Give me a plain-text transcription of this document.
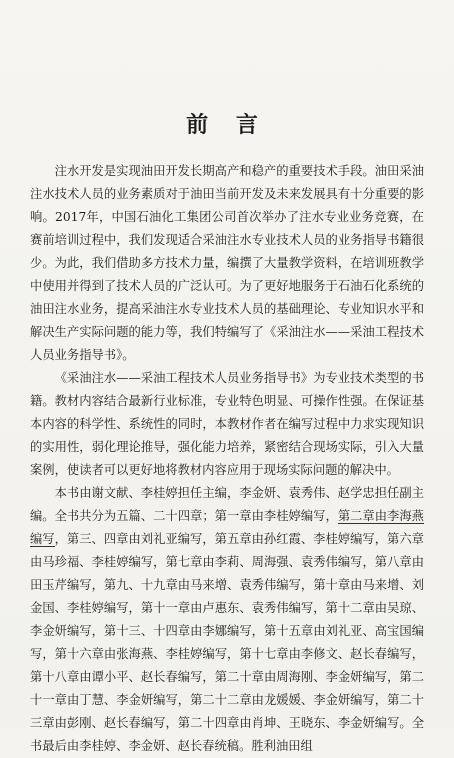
前 言

注水开发是实现油田开发长期高产和稳产的重要技术手段。油田采油注水技术人员的业务素质对于油田当前开发及未来发展具有十分重要的影响。2017年，中国石油化工集团公司首次举办了注水专业业务竞赛，在赛前培训过程中，我们发现适合采油注水专业技术人员的业务指导书籍很少。为此，我们借助多方技术力量，编撰了大量教学资料，在培训班教学中使用并得到了技术人员的广泛认可。为了更好地服务于石油石化系统的油田注水业务，提高采油注水专业技术人员的基础理论、专业知识水平和解决生产实际问题的能力等，我们特编写了《采油注水——采油工程技术人员业务指导书》。

《采油注水——采油工程技术人员业务指导书》为专业技术类型的书籍。教材内容结合最新行业标准，专业特色明显、可操作性强。在保证基本内容的科学性、系统性的同时，本教材作者在编写过程中力求实现知识的实用性，弱化理论推导，强化能力培养，紧密结合现场实际，引入大量案例，使读者可以更好地将教材内容应用于现场实际问题的解决中。

本书由谢文献、李桂婷担任主编，李金妍、袁秀伟、赵学忠担任副主编。全书共分为五篇、二十四章；第一章由李桂婷编写，第二章由李海燕编写，第三、四章由刘礼亚编写，第五章由孙红霞、李桂婷编写，第六章由马珍福、李桂婷编写，第七章由李莉、周海强、袁秀伟编写，第八章由田玉芹编写，第九、十九章由马来增、袁秀伟编写，第十章由马来增、刘金国、李桂婷编写，第十一章由卢惠东、袁秀伟编写，第十二章由吴琼、李金妍编写，第十三、十四章由李娜编写，第十五章由刘礼亚、高宝国编写，第十六章由张海燕、李桂婷编写，第十七章由李修文、赵长春编写，第十八章由谭小平、赵长春编写，第二十章由周海刚、李金妍编写，第二十一章由丁慧、李金妍编写，第二十二章由龙媛媛、李金妍编写，第二十三章由彭刚、赵长春编写，第二十四章由肖坤、王晓东、李金妍编写。全书最后由李桂婷、李金妍、赵长春统稿。胜利油田组
